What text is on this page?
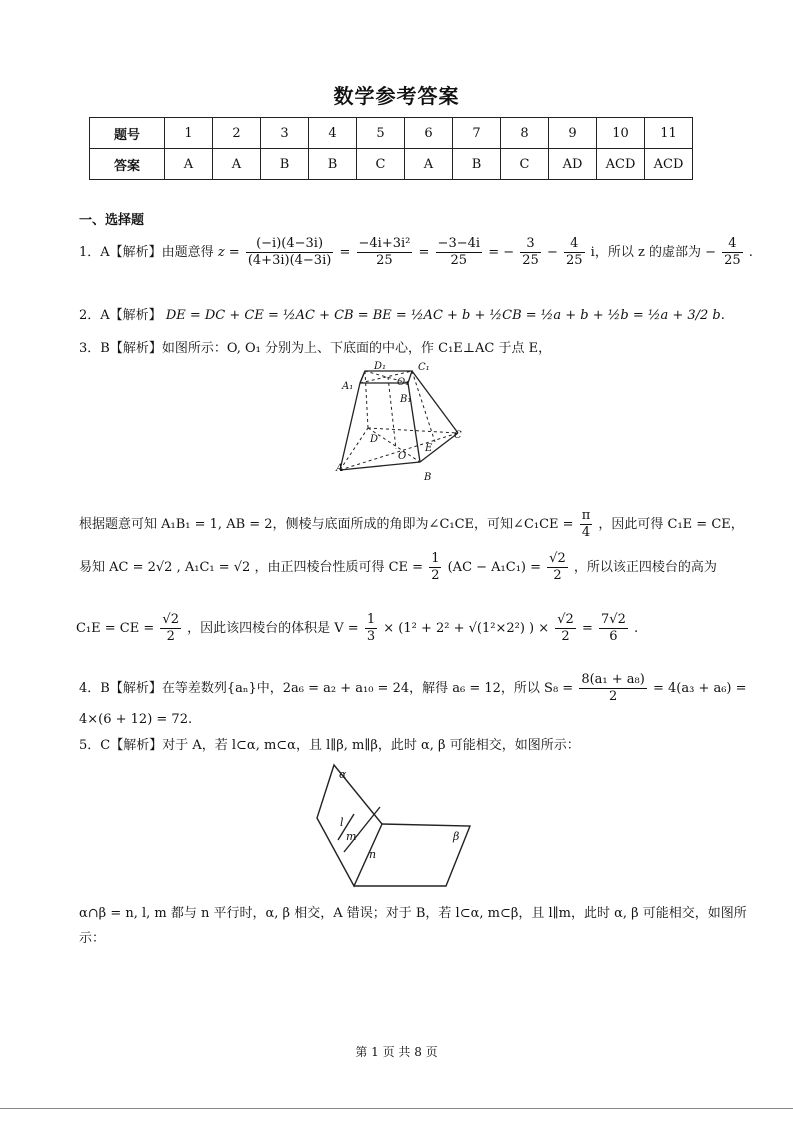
数学参考答案
题号	1	2	3	4	5	6	7	8	9	10	11
答案	A	A	B	B	C	A	B	C	AD	ACD	ACD
一、选择题
1．A【解析】由题意得 $z = \frac{(-i)(4-3i)}{(4+3i)(4-3i)} = \frac{\text{−4i+3i²}}{25} = \frac{-3-4i}{25}$ = − $\frac{3}{25} - \frac{4}{25}$ i，所以 z 的虚部为 − $\frac{4}{25}$ .
2．A【解析】 DE = DC + CE = ½AC + CB = BE = ½AC + b + ½CB = ½a + b + ½b = ½a + 3/2 b.
3．B【解析】如图所示：O, O₁ 分别为上、下底面的中心，作 C₁E⊥AC 于点 E，
D₁	C₁
A₁	O₁
B₁
D
O
E
C
A
B
根据题意可知 A₁B₁ = 1, AB = 2，侧棱与底面所成的角即为∠C₁CE，可知∠C₁CE = $\frac{\pi}{4}$ ，因此可得 C₁E = CE，
易知 AC = 2√2 , A₁C₁ = √2 ，由正四棱台性质可得 CE = $\frac{1}{2} (AC - A_1C_1) = \frac{√2}{2}$ ，所以该正四棱台的高为
C₁E = CE = $\frac{√2}{2}$ ，因此该四棱台的体积是 $V = \frac{1}{3} \times (1^2 + 2^2 + √(1^2\times 2^2)$ ) × $\frac{√2}{2} = \frac{7√2}{6}$ .
4．B【解析】在等差数列{aₙ}中，2a₆ = a₂ + a₁₀ = 24，解得 a₆ = 12，所以 $S_8 = \frac{\text{8(a₁ + a₈)}}{2} = 4(a_3 + a_6)$ =
4×(6 + 12) = 72.
5．C【解析】对于 A，若 l⊂α, m⊂α，且 l∥β, m∥β，此时 α, β 可能相交，如图所示：
α
l
m
n
β
α∩β = n, l, m 都与 n 平行时，α, β 相交，A 错误；对于 B，若 l⊂α, m⊂β，且 l∥m，此时 α, β 可能相交，如图所
示：
第 1 页 共 8 页
